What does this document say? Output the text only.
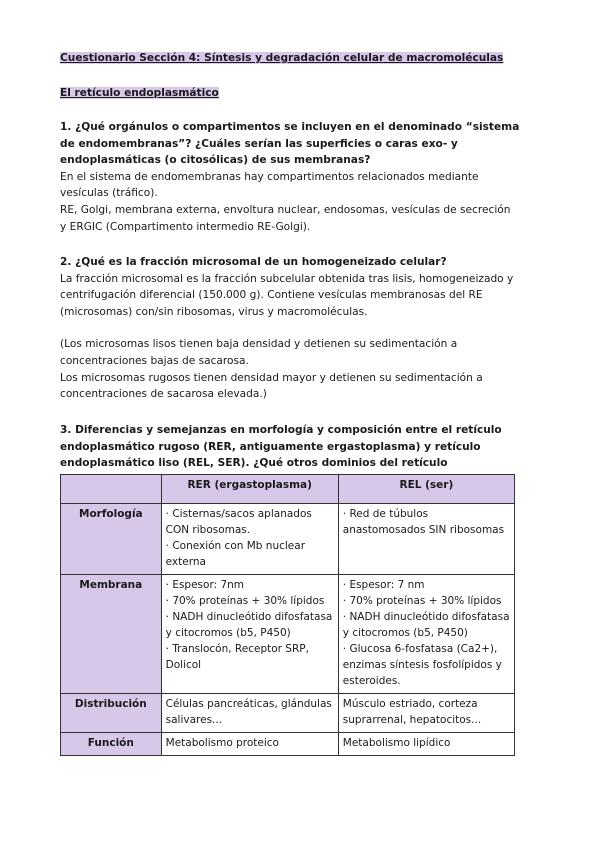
Cuestionario Sección 4: Síntesis y degradación celular de macromoléculas
El retículo endoplasmático

1. ¿Qué orgánulos o compartimentos se incluyen en el denominado “sistema de endomembranas”? ¿Cuáles serían las superficies o caras exo- y endoplasmáticas (o citosólicas) de sus membranas?

En el sistema de endomembranas hay compartimentos relacionados mediante vesículas (tráfico).

RE, Golgi, membrana externa, envoltura nuclear, endosomas, vesículas de secreción y ERGIC (Compartimento intermedio RE-Golgi).

2. ¿Qué es la fracción microsomal de un homogeneizado celular?

La fracción microsomal es la fracción subcelular obtenida tras lisis, homogeneizado y centrifugación diferencial (150.000 g). Contiene vesículas membranosas del RE (microsomas) con/sin ribosomas, virus y macromoléculas.

(Los microsomas lisos tienen baja densidad y detienen su sedimentación a concentraciones bajas de sacarosa.

Los microsomas rugosos tienen densidad mayor y detienen su sedimentación a concentraciones de sacarosa elevada.)

3. Diferencias y semejanzas en morfología y composición entre el retículo endoplasmático rugoso (RER, antiguamente ergastoplasma) y retículo endoplasmático liso (REL, SER). ¿Qué otros dominios del retículo

	RER (ergastoplasma)	REL (ser)
Morfología	· Cisternas/sacos aplanados CON ribosomas.
· Conexión con Mb nuclear externa	· Red de túbulos anastomosados SIN ribosomas

Membrana	· Espesor: 7nm
· 70% proteínas + 30% lípidos
· NADH dinucleótido difosfatasa y citocromos (b5, P450)
· Translocón, Receptor SRP, Dolicol	· Espesor: 7 nm
· 70% proteínas + 30% lípidos
· NADH dinucleótido difosfatasa y citocromos (b5, P450)
· Glucosa 6-fosfatasa (Ca2+), enzimas síntesis fosfolípidos y esteroides.

Distribución	Células pancreáticas, glándulas salivares...	Músculo estriado, corteza suprarrenal, hepatocitos...

Función	Metabolismo proteico	Metabolismo lipídico
